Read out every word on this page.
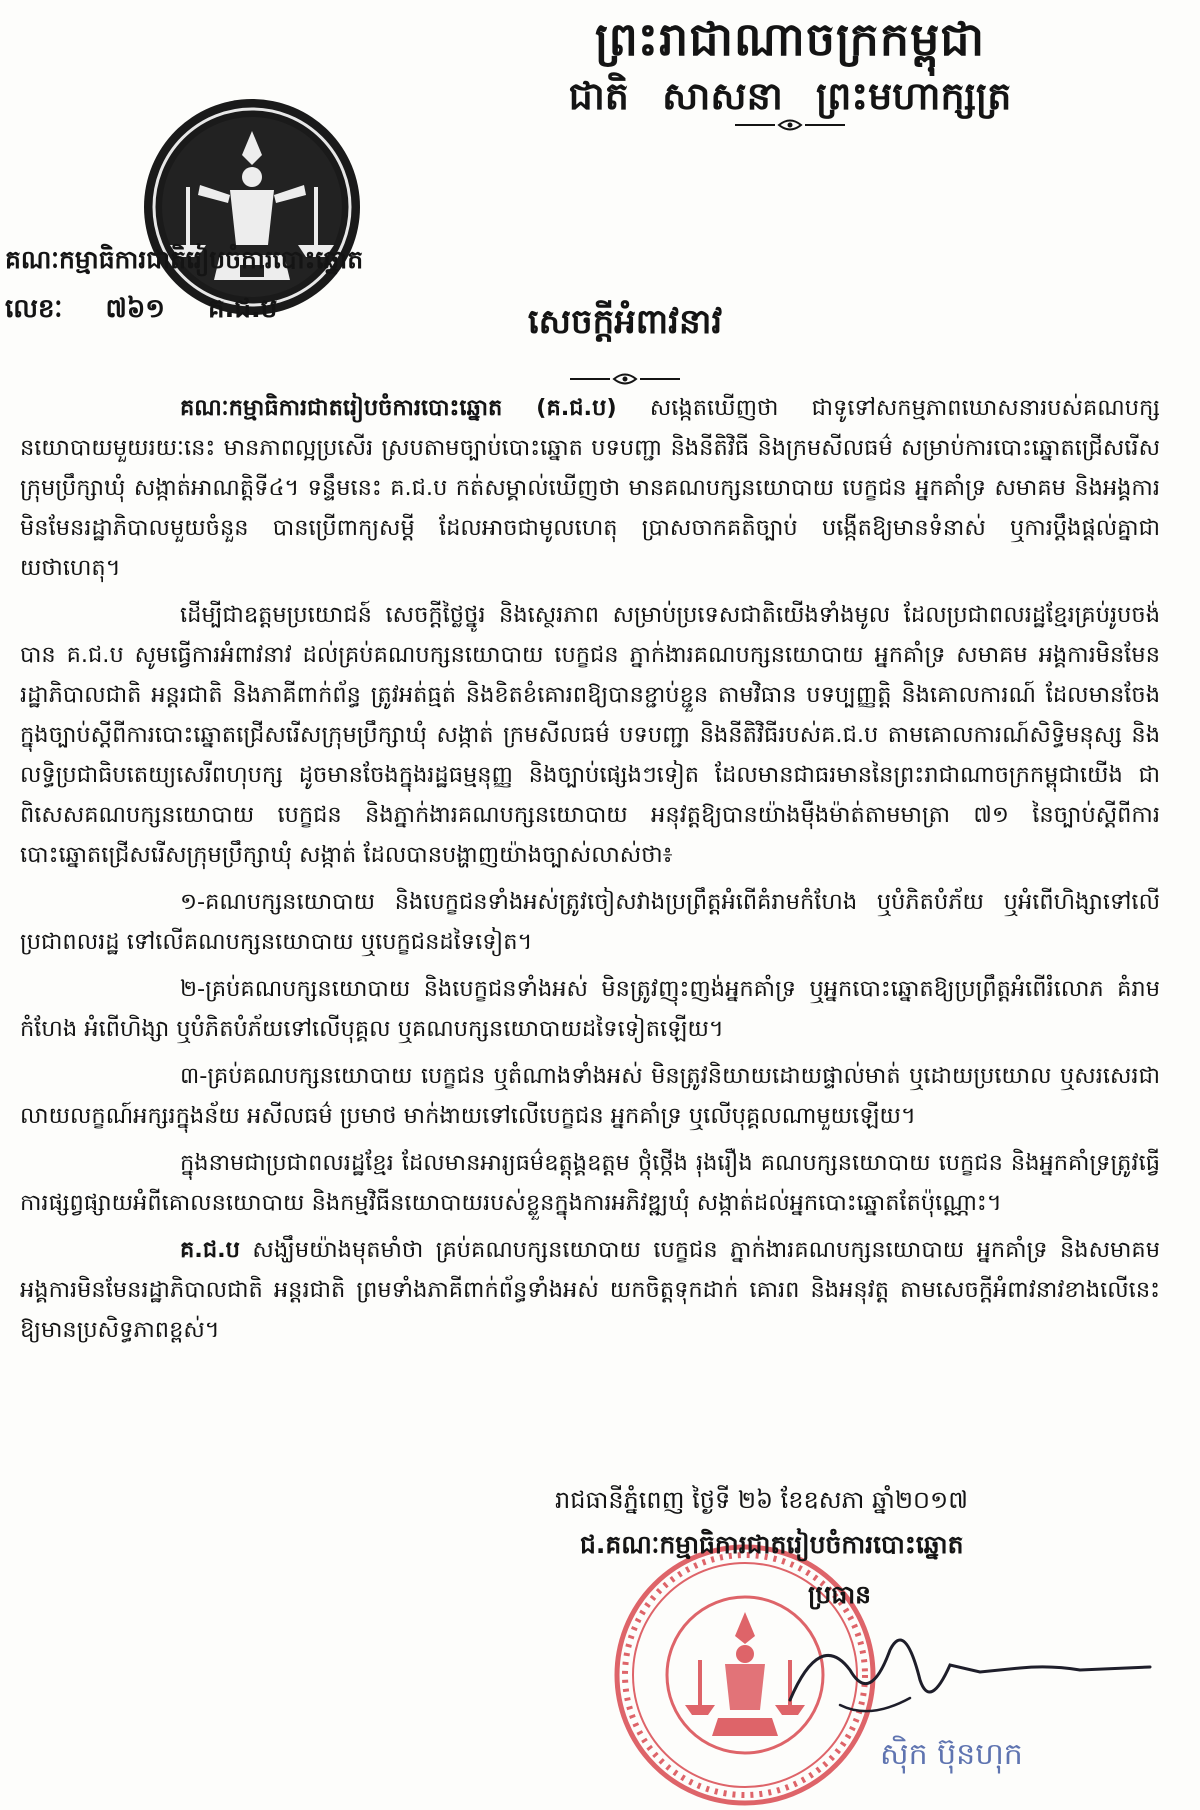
ព្រះរាជាណាចក្រកម្ពុជា
ជាតិ សាសនា ព្រះមហាក្សត្រ
គណៈកម្មាធិការជាតិរៀបចំការបោះឆ្នោត
លេខៈ ៧៦១ គ.ជ.ប	សេចក្តីអំពាវនាវ

គណៈកម្មាធិការជាតរៀបចំការបោះឆ្នោត (គ.ជ.ប) សង្កេតឃើញថា ជាទូទៅសកម្មភាពឃោសនារបស់គណបក្សនយោបាយមួយរយៈនេះ មានភាពល្អប្រសើរ ស្របតាមច្បាប់បោះឆ្នោត បទបញ្ជា និងនីតិវិធី និងក្រមសីលធម៌ សម្រាប់ការបោះឆ្នោតជ្រើសរើសក្រុមប្រឹក្សាឃុំ សង្កាត់អាណត្តិទី៤។ ទន្ទឹមនេះ គ.ជ.ប កត់សម្គាល់ឃើញថា មានគណបក្សនយោបាយ បេក្ខជន អ្នកគាំទ្រ សមាគម និងអង្គការមិនមែនរដ្ឋាភិបាលមួយចំនួន បានប្រើពាក្យសម្តី ដែលអាចជាមូលហេតុ ប្រាសចាកគតិច្បាប់ បង្កើតឱ្យមានទំនាស់ ឬការប្តឹងផ្តល់គ្នាជាយថាហេតុ។

ដើម្បីជាឧត្តមប្រយោជន៍ សេចក្តីថ្លៃថ្នូរ និងស្ថេរភាព សម្រាប់ប្រទេសជាតិយើងទាំងមូល ដែលប្រជាពលរដ្ឋខ្មែរគ្រប់រូបចង់បាន គ.ជ.ប សូមធ្វើការអំពាវនាវ ដល់គ្រប់គណបក្សនយោបាយ បេក្ខជន ភ្នាក់ងារគណបក្សនយោបាយ អ្នកគាំទ្រ សមាគម អង្គការមិនមែនរដ្ឋាភិបាលជាតិ អន្តរជាតិ និងភាគីពាក់ព័ន្ធ ត្រូវអត់ធ្មត់ និងខិតខំគោរពឱ្យបានខ្ជាប់ខ្ជួន តាមវិធាន បទប្បញ្ញត្តិ និងគោលការណ៍ ដែលមានចែងក្នុងច្បាប់ស្តីពីការបោះឆ្នោតជ្រើសរើសក្រុមប្រឹក្សាឃុំ សង្កាត់ ក្រមសីលធម៌ បទបញ្ជា និងនីតិវិធីរបស់គ.ជ.ប តាមគោលការណ៍សិទ្ធិមនុស្ស និងលទ្ធិប្រជាធិបតេយ្យសេរីពហុបក្ស ដូចមានចែងក្នុងរដ្ឋធម្មនុញ្ញ និងច្បាប់ផ្សេងៗទៀត ដែលមានជាធរមាននៃព្រះរាជាណាចក្រកម្ពុជាយើង ជាពិសេសគណបក្សនយោបាយ បេក្ខជន និងភ្នាក់ងារគណបក្សនយោបាយ អនុវត្តឱ្យបានយ៉ាងម៉ឺងម៉ាត់តាមមាត្រា ៧១ នៃច្បាប់ស្តីពីការបោះឆ្នោតជ្រើសរើសក្រុមប្រឹក្សាឃុំ សង្កាត់ ដែលបានបង្ហាញយ៉ាងច្បាស់លាស់ថា៖

១-គណបក្សនយោបាយ និងបេក្ខជនទាំងអស់ត្រូវចៀសវាងប្រព្រឹត្តអំពើគំរាមកំហែង ឬបំភិតបំភ័យ ឬអំពើហិង្សាទៅលើប្រជាពលរដ្ឋ ទៅលើគណបក្សនយោបាយ ឬបេក្ខជនដទៃទៀត។

២-គ្រប់គណបក្សនយោបាយ និងបេក្ខជនទាំងអស់ មិនត្រូវញុះញង់អ្នកគាំទ្រ ឬអ្នកបោះឆ្នោតឱ្យប្រព្រឹត្តអំពើរំលោភ គំរាមកំហែង អំពើហិង្សា ឬបំភិតបំភ័យទៅលើបុគ្គល ឬគណបក្សនយោបាយដទៃទៀតឡើយ។

៣-គ្រប់គណបក្សនយោបាយ បេក្ខជន ឬតំណាងទាំងអស់ មិនត្រូវនិយាយដោយផ្ទាល់មាត់ ឬដោយប្រយោល ឬសរសេរជាលាយលក្ខណ៍អក្សរក្នុងន័យ អសីលធម៌ ប្រមាថ មាក់ងាយទៅលើបេក្ខជន អ្នកគាំទ្រ ឬលើបុគ្គលណាមួយឡើយ។

ក្នុងនាមជាប្រជាពលរដ្ឋខ្មែរ ដែលមានអារ្យធម៌ឧត្តុង្គឧត្តម ថ្កុំថ្កើង រុងរឿង គណបក្សនយោបាយ បេក្ខជន និងអ្នកគាំទ្រត្រូវធ្វើការផ្សព្វផ្សាយអំពីគោលនយោបាយ និងកម្មវិធីនយោបាយរបស់ខ្លួនក្នុងការអភិវឌ្ឍឃុំ សង្កាត់ដល់អ្នកបោះឆ្នោតតែប៉ុណ្ណោះ។

គ.ជ.ប សង្ឃឹមយ៉ាងមុតមាំថា គ្រប់គណបក្សនយោបាយ បេក្ខជន ភ្នាក់ងារគណបក្សនយោបាយ អ្នកគាំទ្រ និងសមាគម អង្គការមិនមែនរដ្ឋាភិបាលជាតិ អន្តរជាតិ ព្រមទាំងភាគីពាក់ព័ន្ធទាំងអស់ យកចិត្តទុកដាក់ គោរព និងអនុវត្ត តាមសេចក្តីអំពាវនាវខាងលើនេះ ឱ្យមានប្រសិទ្ធភាពខ្ពស់។

រាជធានីភ្នំពេញ ថ្ងៃទី ២៦ ខែឧសភា ឆ្នាំ២០១៧
ជ.គណៈកម្មាធិការជាតរៀបចំការបោះឆ្នោត
ប្រធាន
ស៊ិក ប៊ុនហុក
